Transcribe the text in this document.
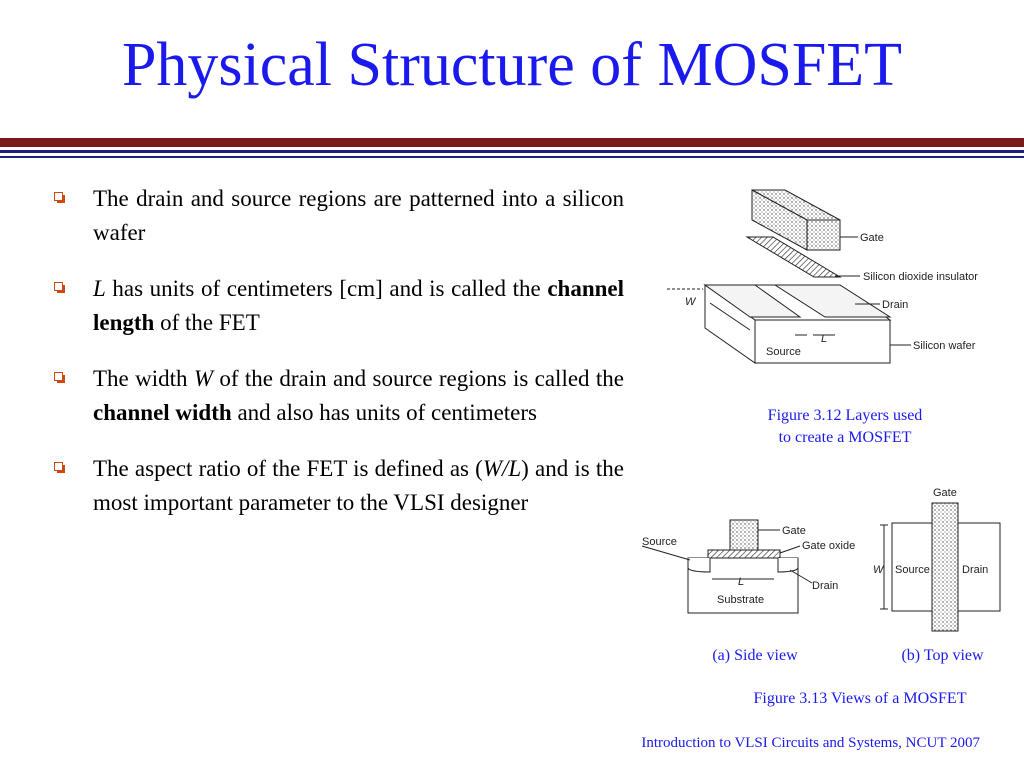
Physical Structure of MOSFET

The drain and source regions are patterned into a silicon wafer

L has units of centimeters [cm] and is called the channel length of the FET

The width W of the drain and source regions is called the channel width and also has units of centimeters

The aspect ratio of the FET is defined as (W/L) and is the most important parameter to the VLSI designer

W
L
Gate
Silicon dioxide insulator
Drain
Source	Silicon wafer
Figure 3.12 Layers used
to create a MOSFET
L
Substrate
Gate
Source	Gate oxide
Drain
Gate
Source	Drain
W
(a) Side view	(b) Top view
Figure 3.13 Views of a MOSFET
Introduction to VLSI Circuits and Systems, NCUT 2007
